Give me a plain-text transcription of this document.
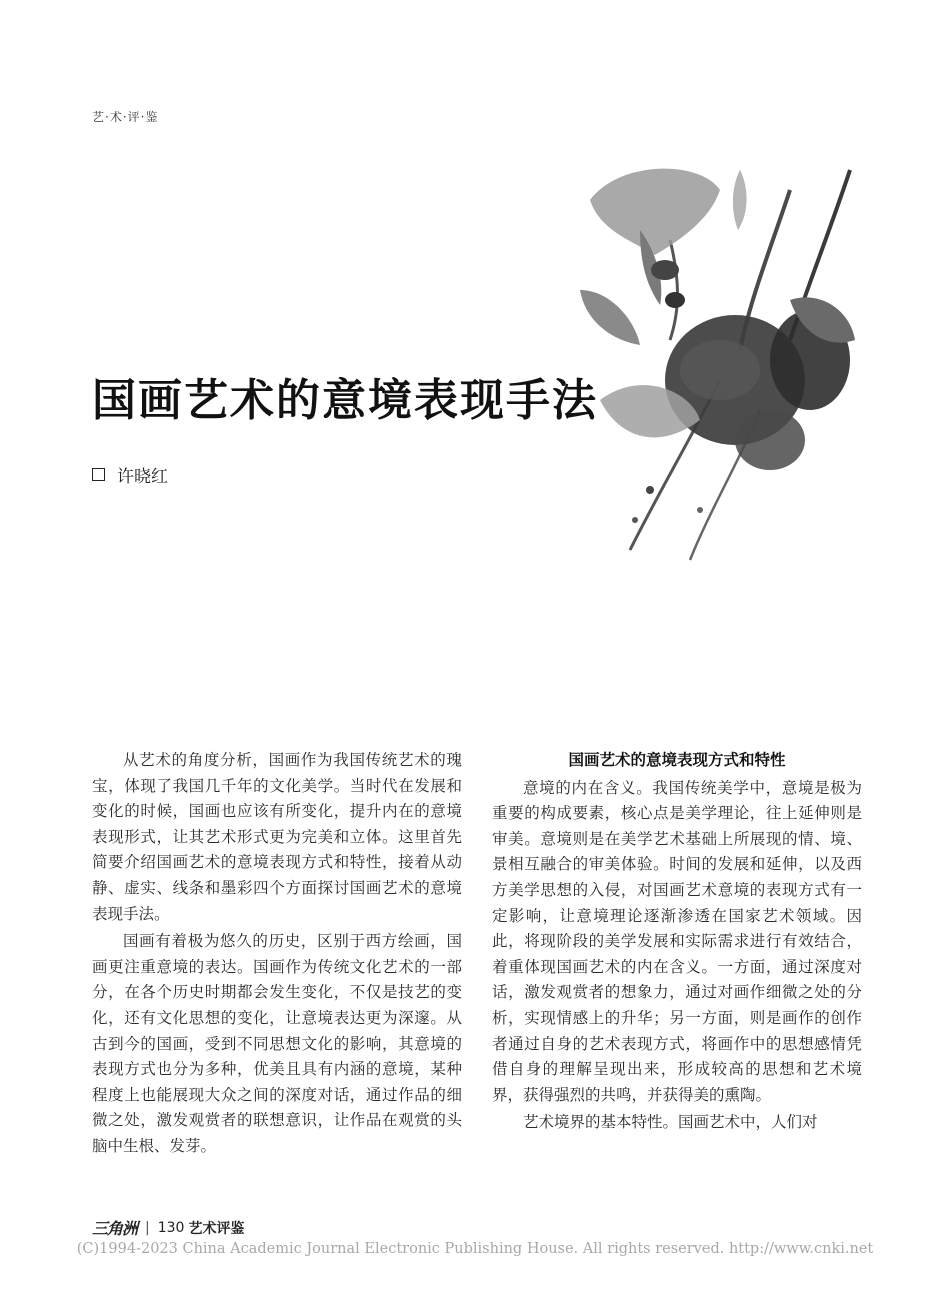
艺·术·评·鉴
国画艺术的意境表现手法
许晓红

从艺术的角度分析，国画作为我国传统艺术的瑰宝，体现了我国几千年的文化美学。当时代在发展和变化的时候，国画也应该有所变化，提升内在的意境表现形式，让其艺术形式更为完美和立体。这里首先简要介绍国画艺术的意境表现方式和特性，接着从动静、虚实、线条和墨彩四个方面探讨国画艺术的意境表现手法。

国画有着极为悠久的历史，区别于西方绘画，国画更注重意境的表达。国画作为传统文化艺术的一部分，在各个历史时期都会发生变化，不仅是技艺的变化，还有文化思想的变化，让意境表达更为深邃。从古到今的国画，受到不同思想文化的影响，其意境的表现方式也分为多种，优美且具有内涵的意境，某种程度上也能展现大众之间的深度对话，通过作品的细微之处，激发观赏者的联想意识，让作品在观赏的头脑中生根、发芽。

国画艺术的意境表现方式和特性

意境的内在含义。我国传统美学中，意境是极为重要的构成要素，核心点是美学理论，往上延伸则是审美。意境则是在美学艺术基础上所展现的情、境、景相互融合的审美体验。时间的发展和延伸，以及西方美学思想的入侵，对国画艺术意境的表现方式有一定影响，让意境理论逐渐渗透在国家艺术领域。因此，将现阶段的美学发展和实际需求进行有效结合，着重体现国画艺术的内在含义。一方面，通过深度对话，激发观赏者的想象力，通过对画作细微之处的分析，实现情感上的升华；另一方面，则是画作的创作者通过自身的艺术表现方式，将画作中的思想感情凭借自身的理解呈现出来，形成较高的思想和艺术境界，获得强烈的共鸣，并获得美的熏陶。

艺术境界的基本特性。国画艺术中，人们对

三角洲 | 130 艺术评鉴
(C)1994-2023 China Academic Journal Electronic Publishing House. All rights reserved. http://www.cnki.net
